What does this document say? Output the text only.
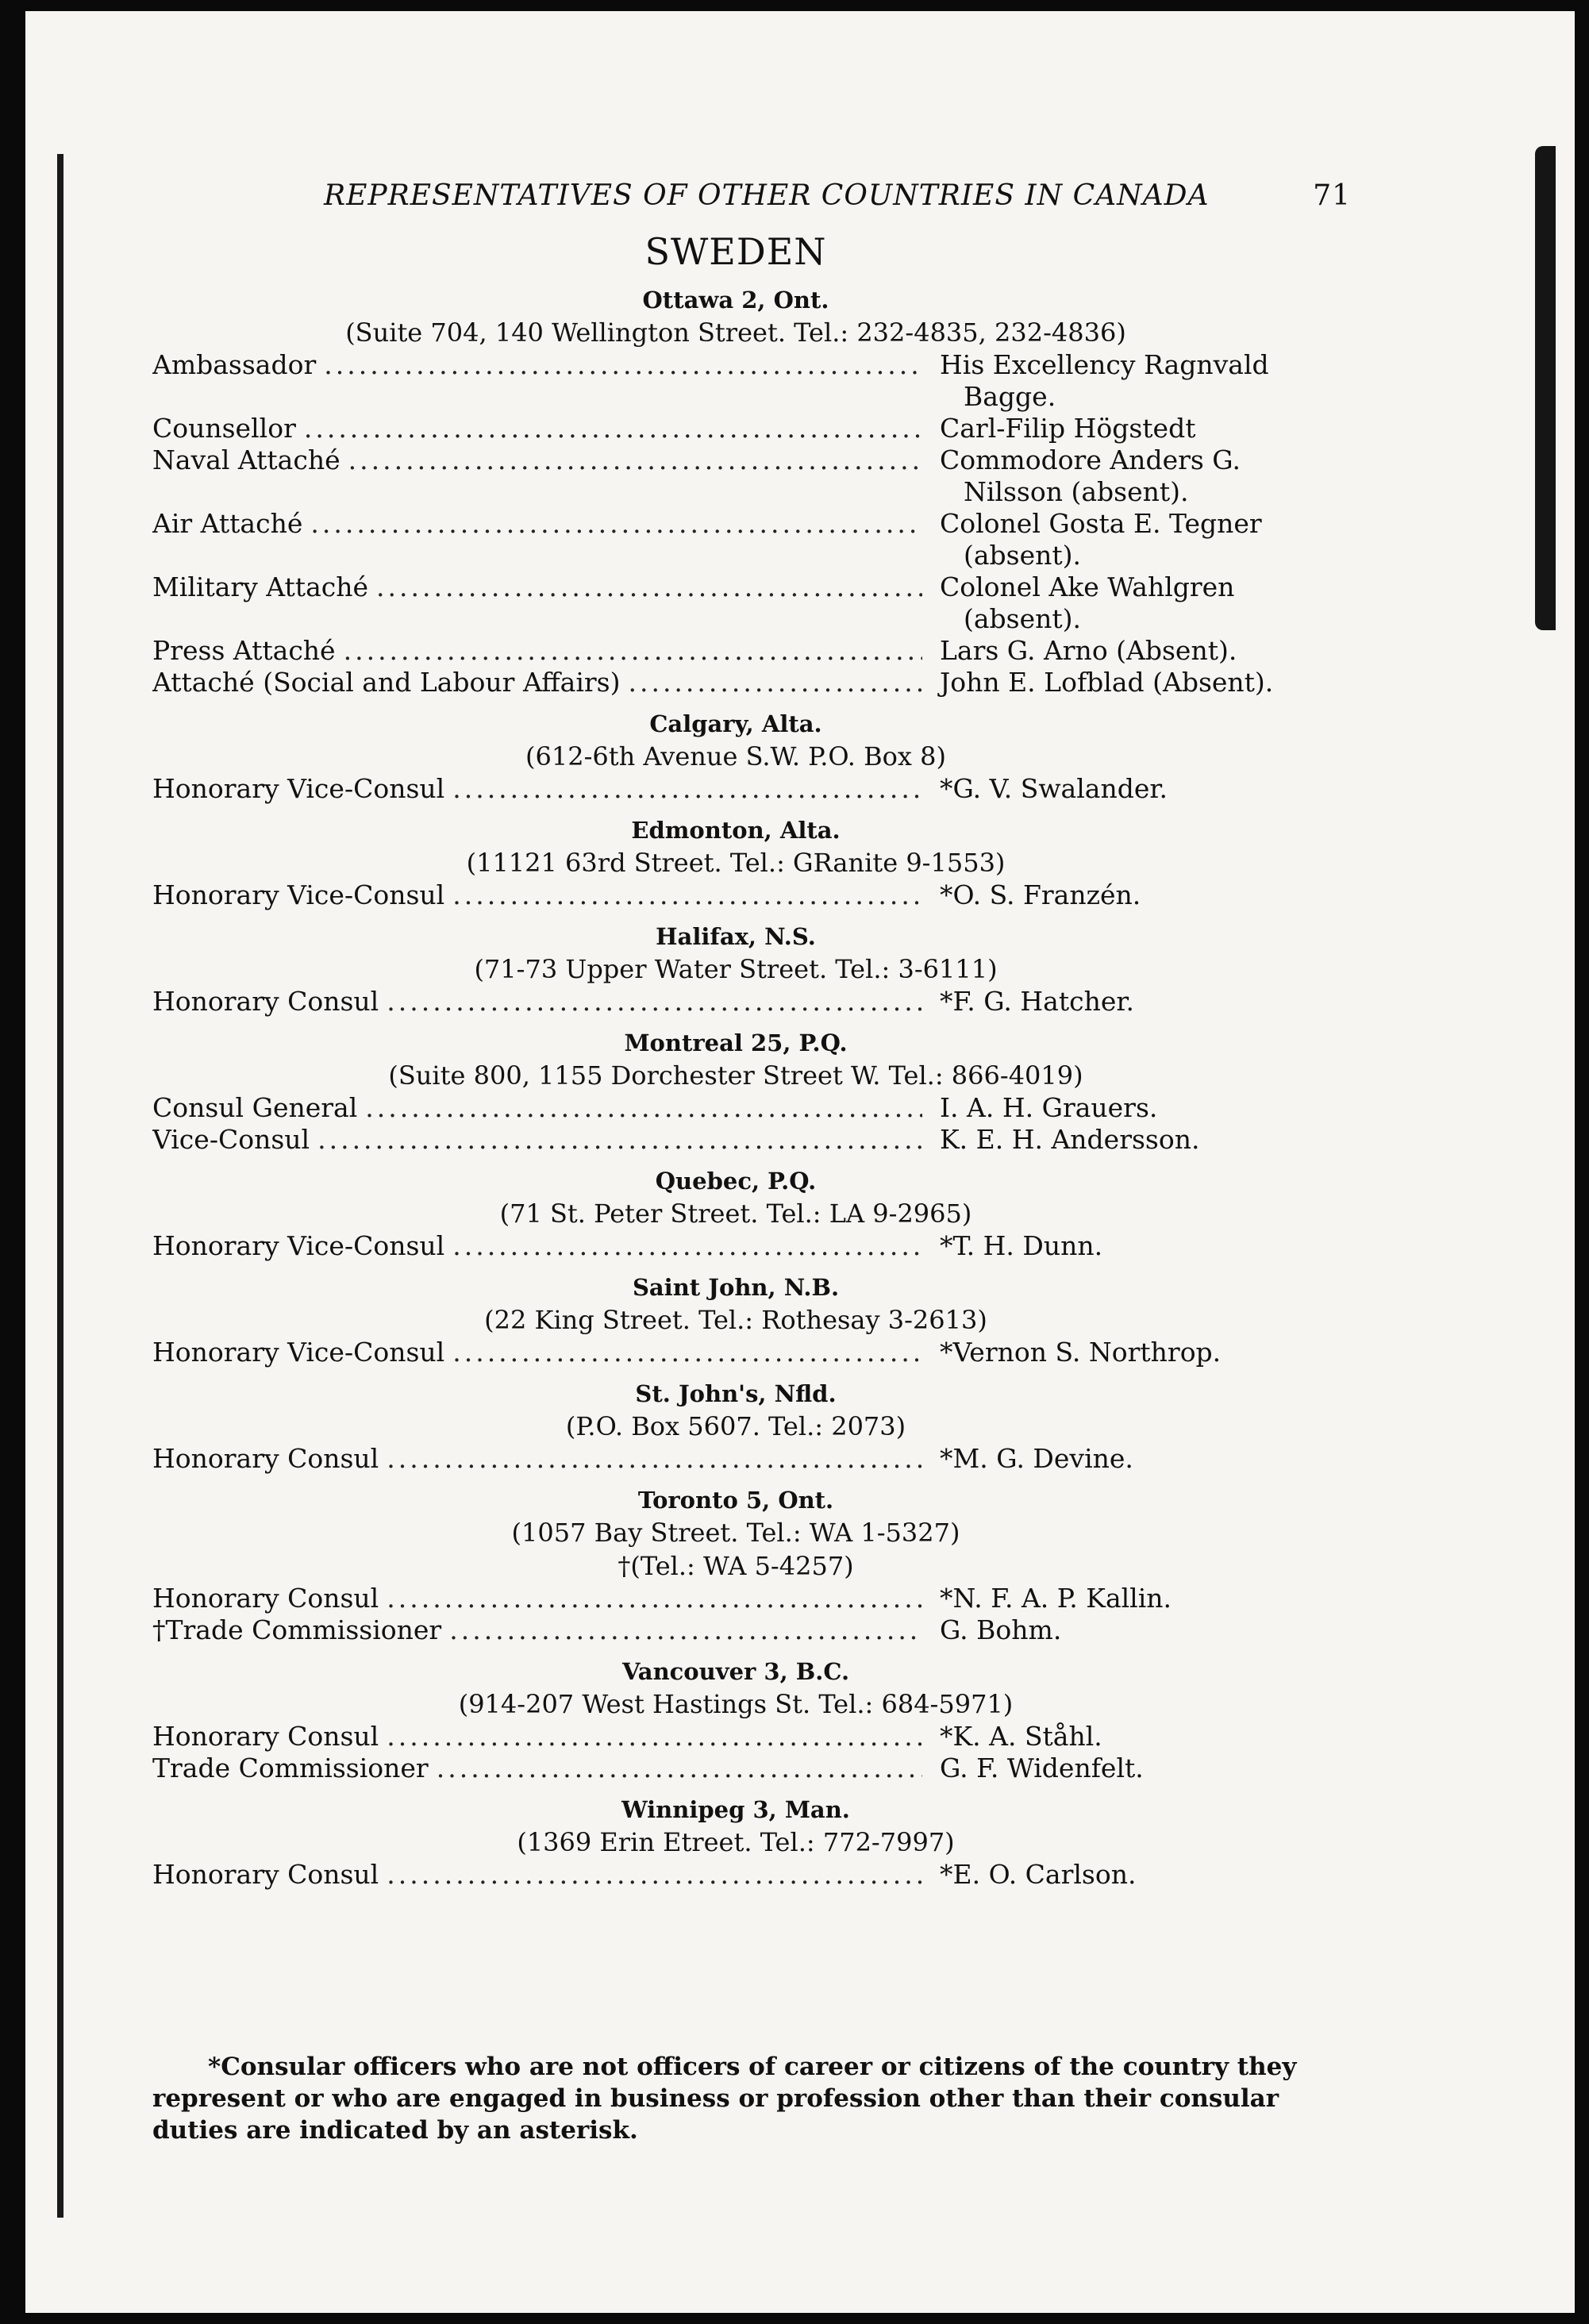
REPRESENTATIVES OF OTHER COUNTRIES IN CANADA	71
SWEDEN
Ottawa 2, Ont.
(Suite 704, 140 Wellington Street. Tel.: 232-4835, 232-4836)
Ambassador .....	His Excellency Ragnvald
Bagge.
Counsellor .....	Carl-Filip Högstedt
Naval Attaché .....	Commodore Anders G.
Nilsson (absent).
Air Attaché .....	Colonel Gosta E. Tegner
(absent).
Military Attaché .....	Colonel Ake Wahlgren
(absent).
Press Attaché .....	Lars G. Arno (Absent).
Attaché (Social and Labour Affairs) .....	John E. Lofblad (Absent).
Calgary, Alta.
(612-6th Avenue S.W. P.O. Box 8)
Honorary Vice-Consul .....	*G. V. Swalander.
Edmonton, Alta.
(11121 63rd Street. Tel.: GRanite 9-1553)
Honorary Vice-Consul .....	*O. S. Franzén.
Halifax, N.S.
(71-73 Upper Water Street. Tel.: 3-6111)
Honorary Consul .....	*F. G. Hatcher.
Montreal 25, P.Q.
(Suite 800, 1155 Dorchester Street W. Tel.: 866-4019)
Consul General .....	I. A. H. Grauers.
Vice-Consul .....	K. E. H. Andersson.
Quebec, P.Q.
(71 St. Peter Street. Tel.: LA 9-2965)
Honorary Vice-Consul .....	*T. H. Dunn.
Saint John, N.B.
(22 King Street. Tel.: Rothesay 3-2613)
Honorary Vice-Consul .....	*Vernon S. Northrop.
St. John's, Nfld.
(P.O. Box 5607. Tel.: 2073)
Honorary Consul .....	*M. G. Devine.
Toronto 5, Ont.
(1057 Bay Street. Tel.: WA 1-5327)
†(Tel.: WA 5-4257)
Honorary Consul .....	*N. F. A. P. Kallin.
†Trade Commissioner .....	G. Bohm.
Vancouver 3, B.C.
(914-207 West Hastings St. Tel.: 684-5971)
Honorary Consul .....	*K. A. Ståhl.
Trade Commissioner .....	G. F. Widenfelt.
Winnipeg 3, Man.
(1369 Erin Etreet. Tel.: 772-7997)
Honorary Consul .....	*E. O. Carlson.
*Consular officers who are not officers of career or citizens of the country they represent or who are engaged in business or profession other than their consular duties are indicated by an asterisk.
